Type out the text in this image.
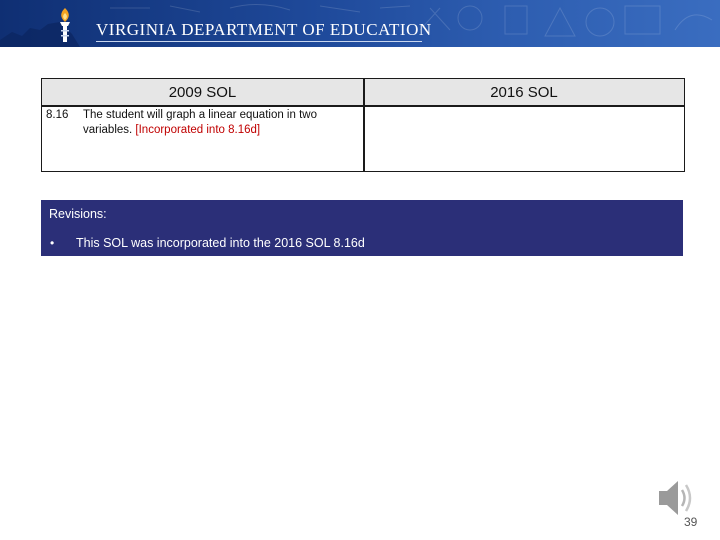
VIRGINIA DEPARTMENT OF EDUCATION
2009 SOL	2016 SOL
8.16 The student will graph a linear equation in two variables. [Incorporated into 8.16d]
Revisions:
• This SOL was incorporated into the 2016 SOL 8.16d
39
